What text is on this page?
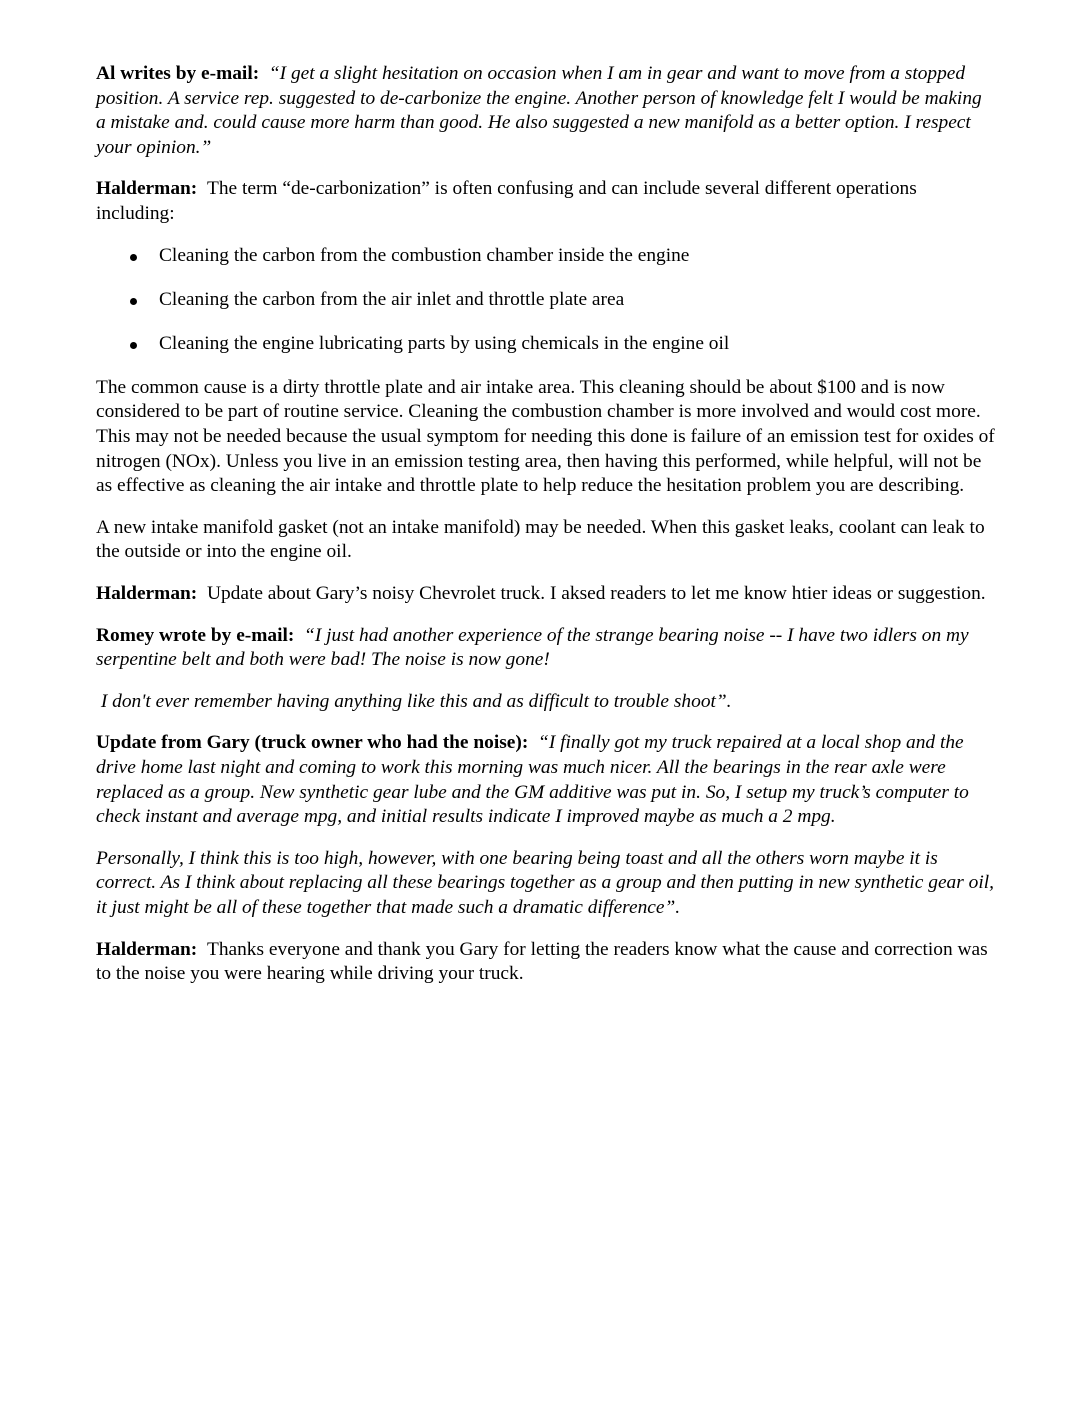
Al writes by e-mail: “I get a slight hesitation on occasion when I am in gear and want to move from a stopped position. A service rep. suggested to de-carbonize the engine. Another person of knowledge felt I would be making a mistake and. could cause more harm than good. He also suggested a new manifold as a better option. I respect your opinion.”

Halderman: The term “de-carbonization” is often confusing and can include several different operations including:

Cleaning the carbon from the combustion chamber inside the engine
Cleaning the carbon from the air inlet and throttle plate area
Cleaning the engine lubricating parts by using chemicals in the engine oil

The common cause is a dirty throttle plate and air intake area. This cleaning should be about $100 and is now considered to be part of routine service. Cleaning the combustion chamber is more involved and would cost more. This may not be needed because the usual symptom for needing this done is failure of an emission test for oxides of nitrogen (NOx). Unless you live in an emission testing area, then having this performed, while helpful, will not be as effective as cleaning the air intake and throttle plate to help reduce the hesitation problem you are describing.

A new intake manifold gasket (not an intake manifold) may be needed. When this gasket leaks, coolant can leak to the outside or into the engine oil.

Halderman: Update about Gary’s noisy Chevrolet truck. I aksed readers to let me know htier ideas or suggestion.

Romey wrote by e-mail: “I just had another experience of the strange bearing noise -- I have two idlers on my serpentine belt and both were bad! The noise is now gone!

I don't ever remember having anything like this and as difficult to trouble shoot”.

Update from Gary (truck owner who had the noise): “I finally got my truck repaired at a local shop and the drive home last night and coming to work this morning was much nicer. All the bearings in the rear axle were replaced as a group. New synthetic gear lube and the GM additive was put in. So, I setup my truck’s computer to check instant and average mpg, and initial results indicate I improved maybe as much a 2 mpg.

Personally, I think this is too high, however, with one bearing being toast and all the others worn maybe it is correct. As I think about replacing all these bearings together as a group and then putting in new synthetic gear oil, it just might be all of these together that made such a dramatic difference”.

Halderman: Thanks everyone and thank you Gary for letting the readers know what the cause and correction was to the noise you were hearing while driving your truck.
